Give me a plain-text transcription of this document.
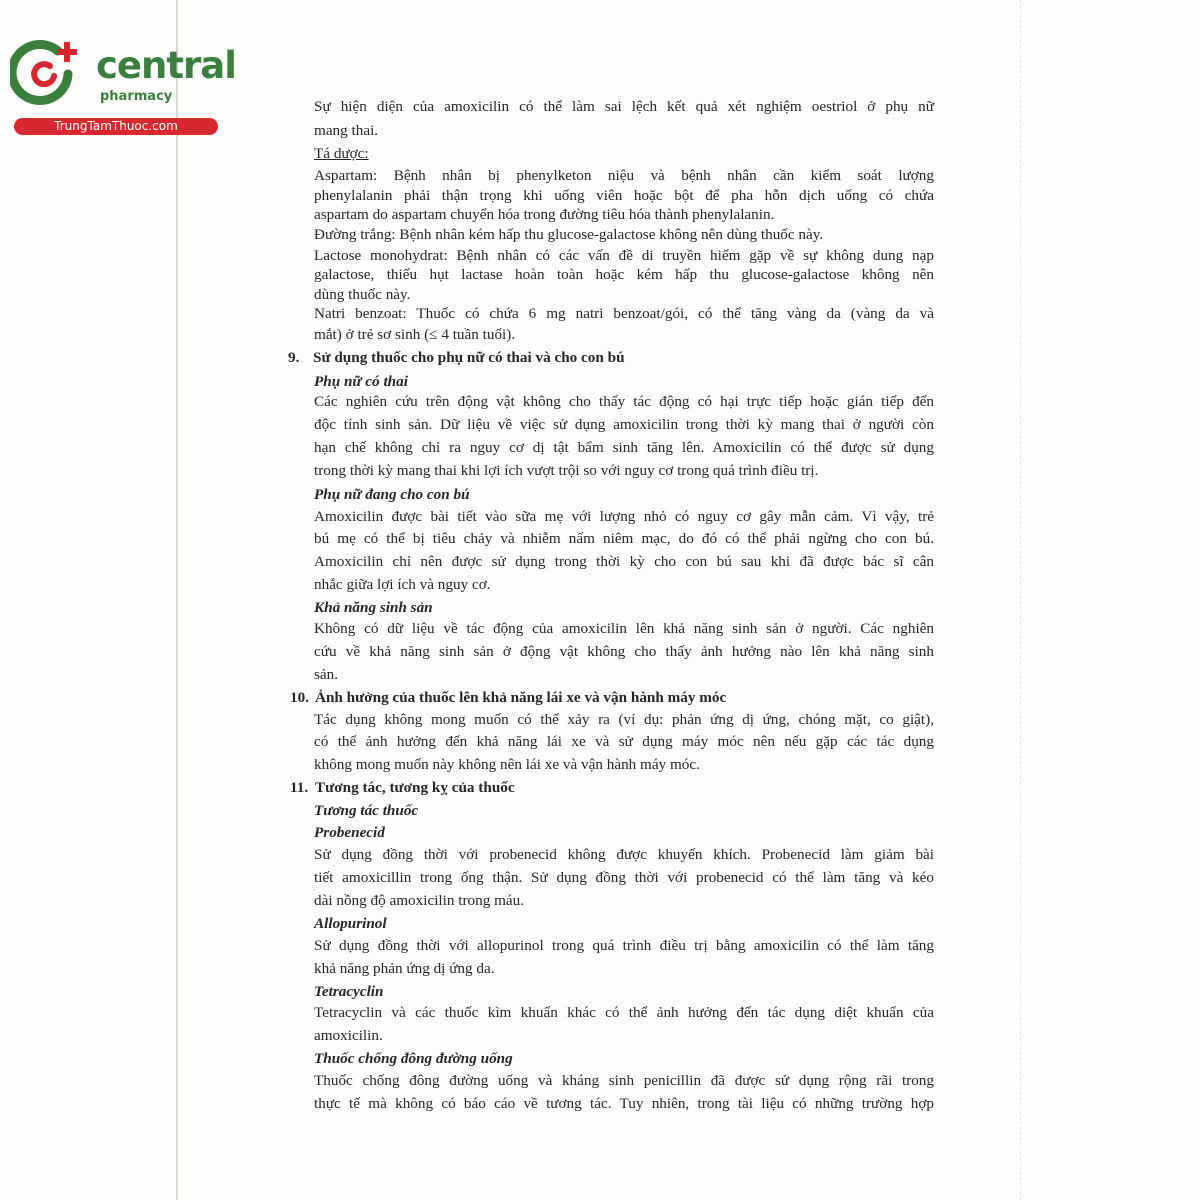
central
pharmacy
TrungTamThuoc.com
Sự hiện diện của amoxicilin có thể làm sai lệch kết quả xét nghiệm oestriol ở phụ nữ
mang thai.
Tá dược:
Aspartam: Bệnh nhân bị phenylketon niệu và bệnh nhân cần kiểm soát lượng
phenylalanin phải thận trọng khi uống viên hoặc bột để pha hỗn dịch uống có chứa
aspartam do aspartam chuyển hóa trong đường tiêu hóa thành phenylalanin.
Đường trắng: Bệnh nhân kém hấp thu glucose-galactose không nên dùng thuốc này.
Lactose monohydrat: Bệnh nhân có các vấn đề di truyền hiếm gặp về sự không dung nạp
galactose, thiếu hụt lactase hoàn toàn hoặc kém hấp thu glucose-galactose không nên
dùng thuốc này.
Natri benzoat: Thuốc có chứa 6 mg natri benzoat/gói, có thể tăng vàng da (vàng da và
mắt) ở trẻ sơ sinh (≤ 4 tuần tuổi).
9. Sử dụng thuốc cho phụ nữ có thai và cho con bú
Phụ nữ có thai
Các nghiên cứu trên động vật không cho thấy tác động có hại trực tiếp hoặc gián tiếp đến
độc tính sinh sản. Dữ liệu về việc sử dụng amoxicilin trong thời kỳ mang thai ở người còn
hạn chế không chỉ ra nguy cơ dị tật bẩm sinh tăng lên. Amoxicilin có thể được sử dụng
trong thời kỳ mang thai khi lợi ích vượt trội so với nguy cơ trong quá trình điều trị.
Phụ nữ đang cho con bú
Amoxicilin được bài tiết vào sữa mẹ với lượng nhỏ có nguy cơ gây mẫn cảm. Vì vậy, trẻ
bú mẹ có thể bị tiêu chảy và nhiễm nấm niêm mạc, do đó có thể phải ngừng cho con bú.
Amoxicilin chỉ nên được sử dụng trong thời kỳ cho con bú sau khi đã được bác sĩ cân
nhắc giữa lợi ích và nguy cơ.
Khả năng sinh sản
Không có dữ liệu về tác động của amoxicilin lên khả năng sinh sản ở người. Các nghiên
cứu về khả năng sinh sản ở động vật không cho thấy ảnh hưởng nào lên khả năng sinh
sản.
10. Ảnh hưởng của thuốc lên khả năng lái xe và vận hành máy móc
Tác dụng không mong muốn có thể xảy ra (ví dụ: phản ứng dị ứng, chóng mặt, co giật),
có thể ảnh hưởng đến khả năng lái xe và sử dụng máy móc nên nếu gặp các tác dụng
không mong muốn này không nên lái xe và vận hành máy móc.
11. Tương tác, tương kỵ của thuốc
Tương tác thuốc
Probenecid
Sử dụng đồng thời với probenecid không được khuyến khích. Probenecid làm giảm bài
tiết amoxicillin trong ống thận. Sử dụng đồng thời với probenecid có thể làm tăng và kéo
dài nồng độ amoxicilin trong máu.
Allopurinol
Sử dụng đồng thời với allopurinol trong quá trình điều trị bằng amoxicilin có thể làm tăng
khả năng phản ứng dị ứng da.
Tetracyclin
Tetracyclin và các thuốc kìm khuẩn khác có thể ảnh hưởng đến tác dụng diệt khuẩn của
amoxicilin.
Thuốc chống đông đường uống
Thuốc chống đông đường uống và kháng sinh penicillin đã được sử dụng rộng rãi trong
thực tế mà không có báo cáo về tương tác. Tuy nhiên, trong tài liệu có những trường hợp
